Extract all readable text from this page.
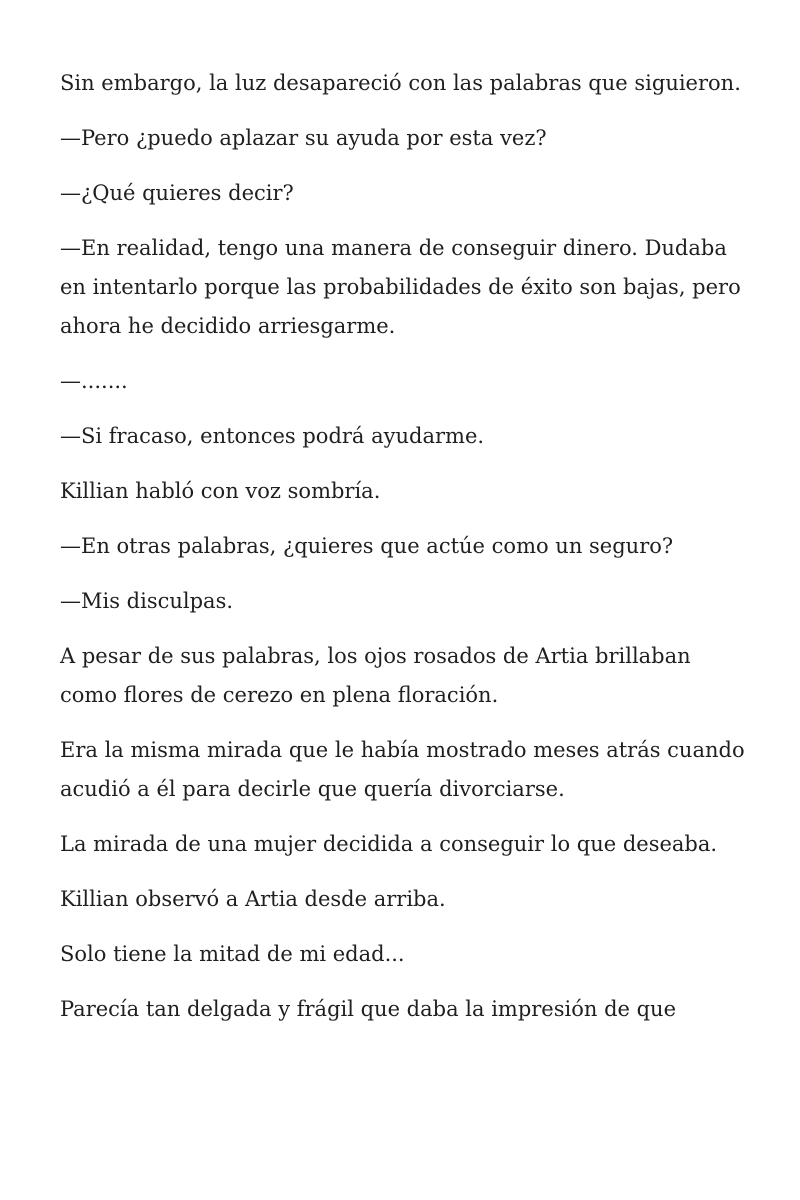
Sin embargo, la luz desapareció con las palabras que siguieron.

—Pero ¿puedo aplazar su ayuda por esta vez?

—¿Qué quieres decir?

—En realidad, tengo una manera de conseguir dinero. Dudaba en intentarlo porque las probabilidades de éxito son bajas, pero ahora he decidido arriesgarme.

—.......

—Si fracaso, entonces podrá ayudarme.

Killian habló con voz sombría.

—En otras palabras, ¿quieres que actúe como un seguro?

—Mis disculpas.

A pesar de sus palabras, los ojos rosados de Artia brillaban como flores de cerezo en plena floración.

Era la misma mirada que le había mostrado meses atrás cuando acudió a él para decirle que quería divorciarse.

La mirada de una mujer decidida a conseguir lo que deseaba.

Killian observó a Artia desde arriba.

Solo tiene la mitad de mi edad...

Parecía tan delgada y frágil que daba la impresión de que
